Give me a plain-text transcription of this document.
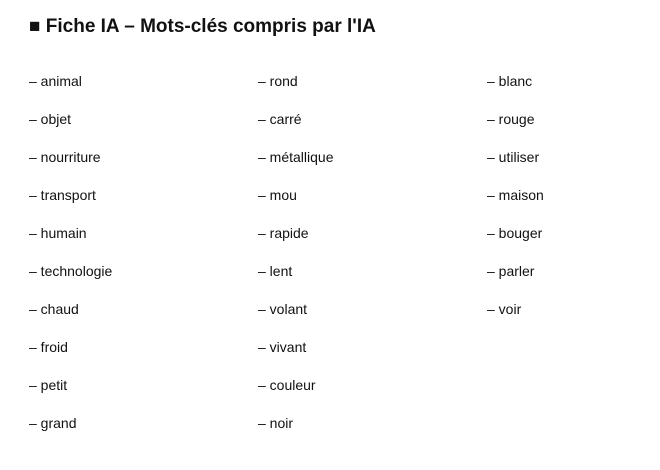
■ Fiche IA – Mots-clés compris par l'IA
– animal
– objet
– nourriture
– transport
– humain
– technologie
– chaud
– froid
– petit
– grand
– rond
– carré
– métallique
– mou
– rapide
– lent
– volant
– vivant
– couleur
– noir
– blanc
– rouge
– utiliser
– maison
– bouger
– parler
– voir
